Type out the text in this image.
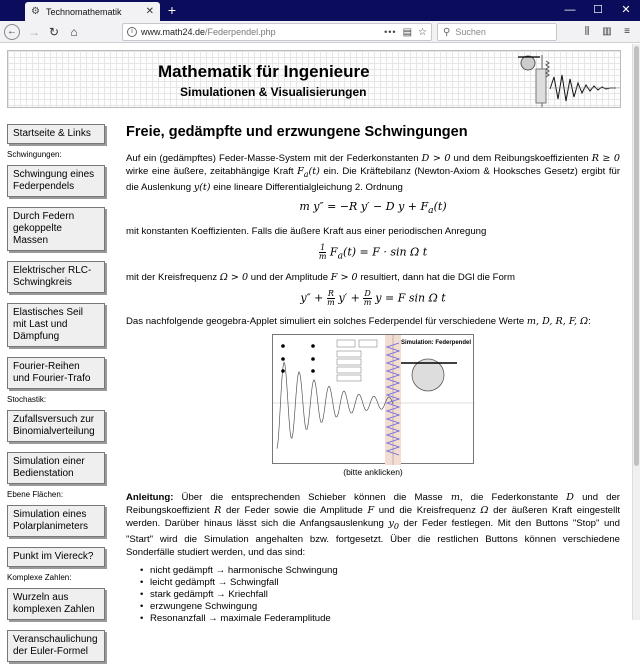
⚙ Technomathematik	✕ +	—	☐	✕
← → ↻ ⌂	i www.math24.de /Federpendel.php	••• ▤ ☆ ⚲ Suchen	⫼	▥	≡
Mathematik für Ingenieure
Simulationen & Visualisierungen
Startseite & Links
Schwingungen:
Schwingung eines Federpendels
Durch Federn gekoppelte Massen
Elektrischer RLC-Schwingkreis
Elastisches Seil mit Last und Dämpfung
Fourier-Reihen und Fourier-Trafo
Stochastik:
Zufallsversuch zur Binomialverteilung
Simulation einer Bedienstation
Ebene Flächen:
Simulation eines Polarplanimeters
Punkt im Viereck?
Komplexe Zahlen:
Wurzeln aus komplexen Zahlen
Veranschaulichung der Euler-Formel
Freie, gedämpfte und erzwungene Schwingungen

Auf ein (gedämpftes) Feder-Masse-System mit der Federkonstanten D > 0 und dem Reibungskoeffizienten R ≥ 0 wirke eine äußere, zeitabhängige Kraft $F_a(t)$ ein. Die Kräftebilanz (Newton-Axiom & Hooksches Gesetz) ergibt für die Auslenkung y(t) eine lineare Differentialgleichung 2. Ordnung

m y″ = −R y′ − D $y + F_a(t)$

mit konstanten Koeffizienten. Falls die äußere Kraft aus einer periodischen Anregung

$\frac{1}{m} F_a(t) = F \cdot \sin \Omega$ t

mit der Kreisfrequenz Ω > 0 und der Amplitude F > 0 resultiert, dann hat die DGl die Form

$y'' + \frac{R}{m} y' + \frac{D}{m}$ y = F sin Ω t

Das nachfolgende geogebra-Applet simuliert ein solches Federpendel für verschiedene Werte m, D, R, F, Ω:

Simulation: Federpendel
(bitte anklicken)

Anleitung: Über die entsprechenden Schieber können die Masse m, die Federkonstante D und der Reibungskoeffizient R der Feder sowie die Amplitude F und die Kreisfrequenz Ω der äußeren Kraft eingestellt werden. Darüber hinaus lässt sich die Anfangsauslenkung $y_0$ der Feder festlegen. Mit den Buttons "Stop" und "Start" wird die Simulation angehalten bzw. fortgesetzt. Über die restlichen Buttons können verschiedene Sonderfälle studiert werden, und das sind:

• nicht gedämpft → harmonische Schwingung
• leicht gedämpft → Schwingfall
• stark gedämpft → Kriechfall
• erzwungene Schwingung
• Resonanzfall → maximale Federamplitude
